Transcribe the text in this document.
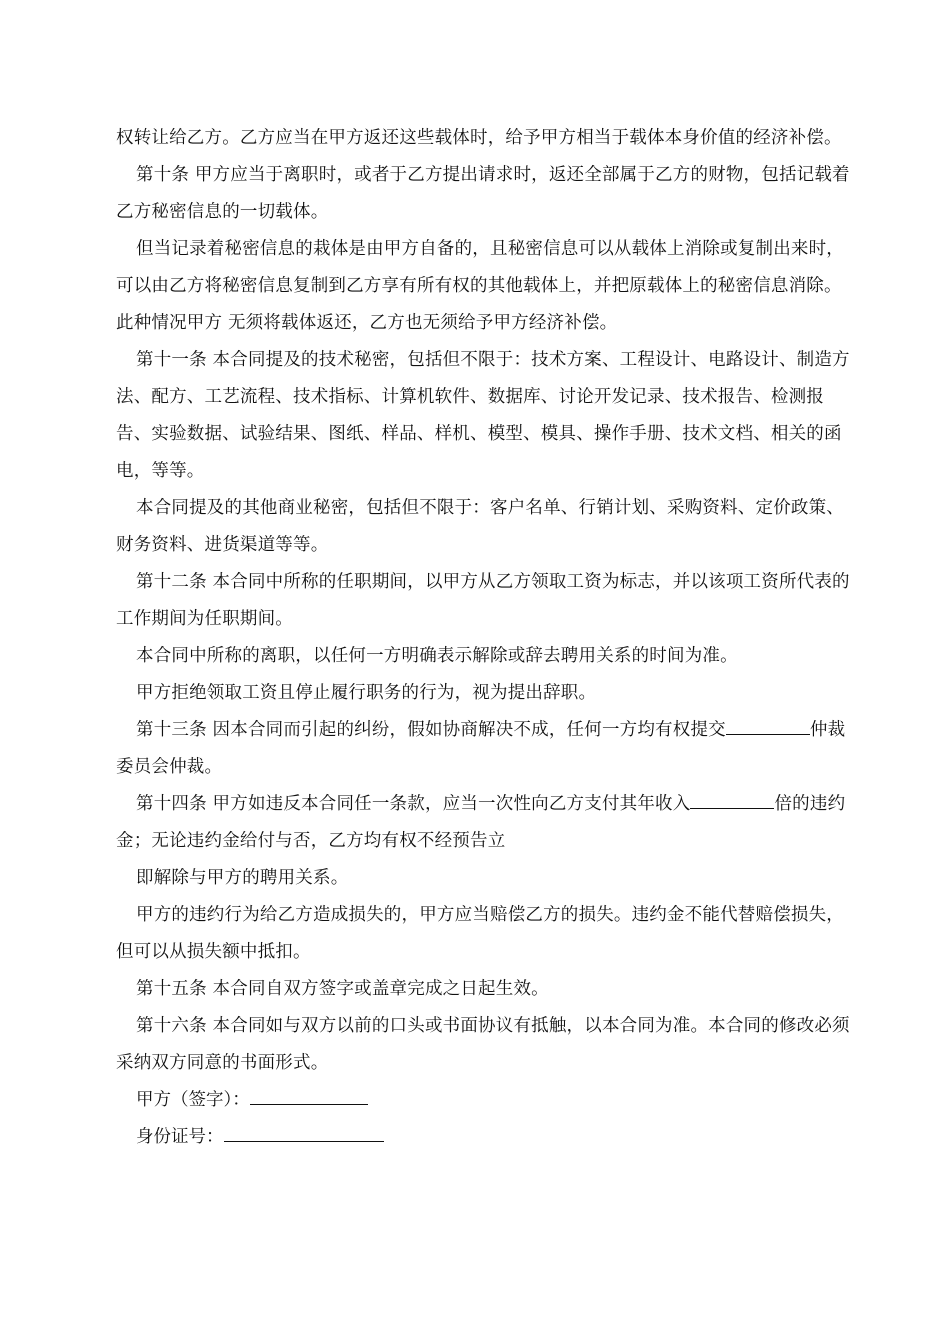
权转让给乙方。乙方应当在甲方返还这些载体时，给予甲方相当于载体本身价值的经济补偿。

第十条 甲方应当于离职时，或者于乙方提出请求时，返还全部属于乙方的财物，包括记载着乙方秘密信息的一切载体。

但当记录着秘密信息的栽体是由甲方自备的，且秘密信息可以从载体上消除或复制出来时，可以由乙方将秘密信息复制到乙方享有所有权的其他载体上，并把原载体上的秘密信息消除。此种情况甲方 无须将载体返还，乙方也无须给予甲方经济补偿。

第十一条 本合同提及的技术秘密，包括但不限于：技术方案、工程设计、电路设计、制造方法、配方、工艺流程、技术指标、计算机软件、数据库、讨论开发记录、技术报告、检测报告、实验数据、试验结果、图纸、样品、样机、模型、模具、操作手册、技术文档、相关的函电，等等。

本合同提及的其他商业秘密，包括但不限于：客户名单、行销计划、采购资料、定价政策、财务资料、进货渠道等等。

第十二条 本合同中所称的任职期间，以甲方从乙方领取工资为标志，并以该项工资所代表的工作期间为任职期间。

本合同中所称的离职，以任何一方明确表示解除或辞去聘用关系的时间为准。

甲方拒绝领取工资且停止履行职务的行为，视为提出辞职。

第十三条 因本合同而引起的纠纷，假如协商解决不成，任何一方均有权提交	仲裁委员会仲裁。

第十四条 甲方如违反本合同任一条款，应当一次性向乙方支付其年收入	倍的违约金；无论违约金给付与否，乙方均有权不经预告立

即解除与甲方的聘用关系。

甲方的违约行为给乙方造成损失的，甲方应当赔偿乙方的损失。违约金不能代替赔偿损失，但可以从损失额中抵扣。

第十五条 本合同自双方签字或盖章完成之日起生效。

第十六条 本合同如与双方以前的口头或书面协议有抵触，以本合同为准。本合同的修改必须采纳双方同意的书面形式。

甲方（签字）：

身份证号：
